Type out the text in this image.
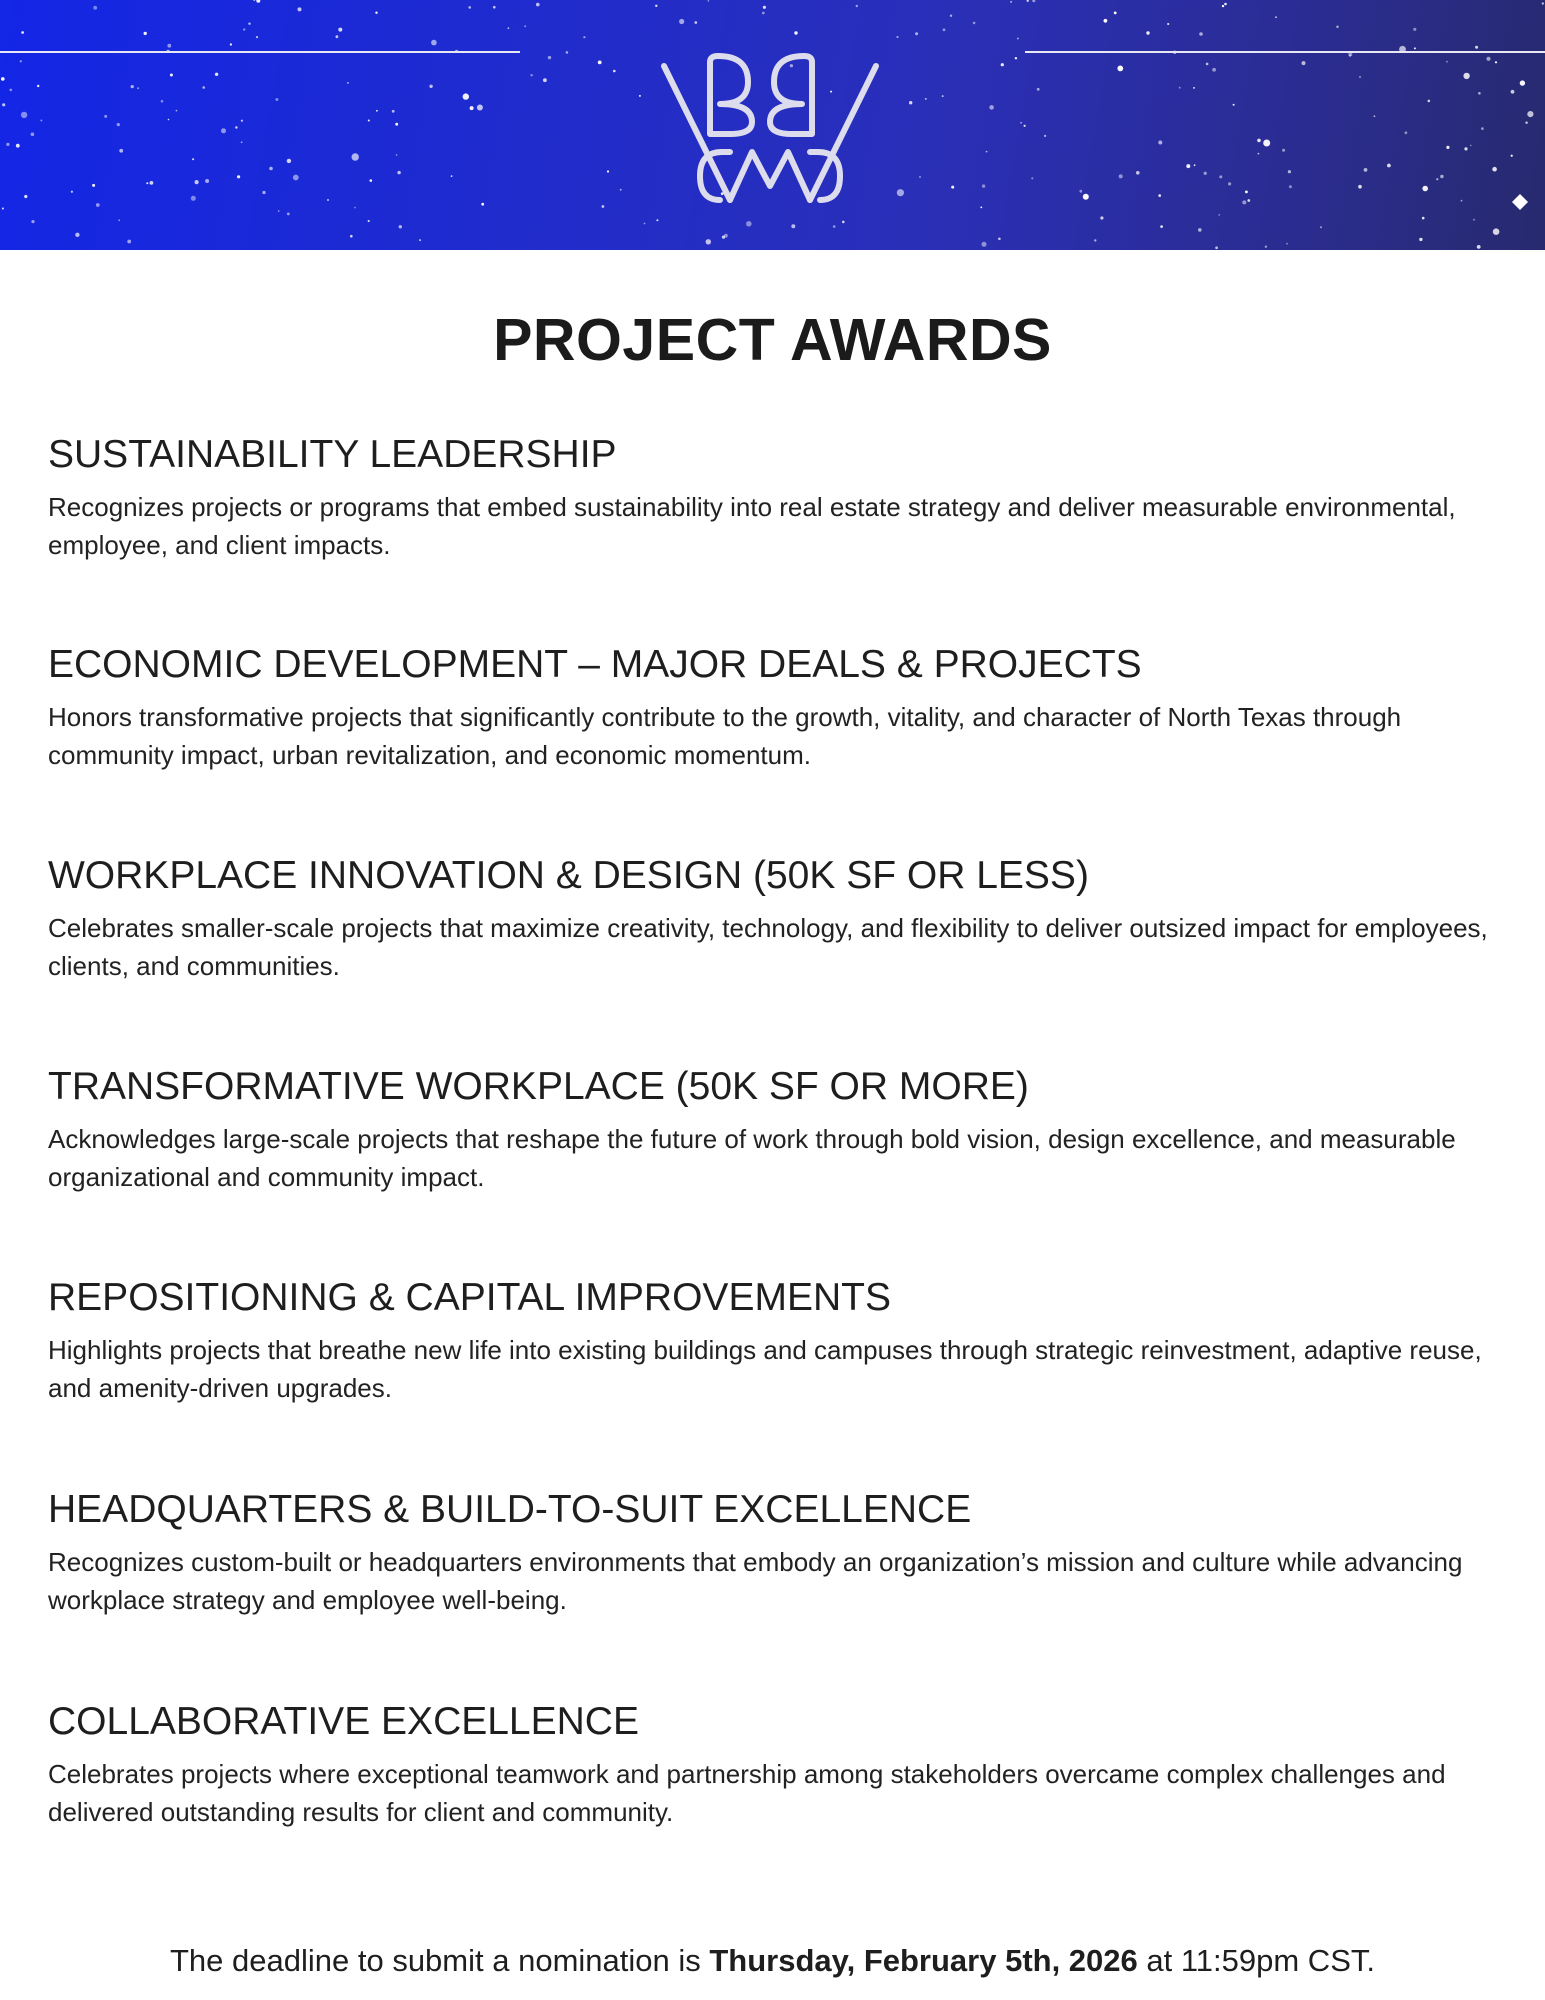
PROJECT AWARDS
SUSTAINABILITY LEADERSHIP

Recognizes projects or programs that embed sustainability into real estate strategy and deliver measurable environmental, employee, and client impacts.

ECONOMIC DEVELOPMENT – MAJOR DEALS & PROJECTS

Honors transformative projects that significantly contribute to the growth, vitality, and character of North Texas through community impact, urban revitalization, and economic momentum.

WORKPLACE INNOVATION & DESIGN (50K SF OR LESS)

Celebrates smaller-scale projects that maximize creativity, technology, and flexibility to deliver outsized impact for employees, clients, and communities.

TRANSFORMATIVE WORKPLACE (50K SF OR MORE)

Acknowledges large-scale projects that reshape the future of work through bold vision, design excellence, and measurable organizational and community impact.

REPOSITIONING & CAPITAL IMPROVEMENTS

Highlights projects that breathe new life into existing buildings and campuses through strategic reinvestment, adaptive reuse, and amenity-driven upgrades.

HEADQUARTERS & BUILD-TO-SUIT EXCELLENCE

Recognizes custom-built or headquarters environments that embody an organization’s mission and culture while advancing workplace strategy and employee well-being.

COLLABORATIVE EXCELLENCE

Celebrates projects where exceptional teamwork and partnership among stakeholders overcame complex challenges and delivered outstanding results for client and community.

The deadline to submit a nomination is Thursday, February 5th, 2026 at 11:59pm CST.
